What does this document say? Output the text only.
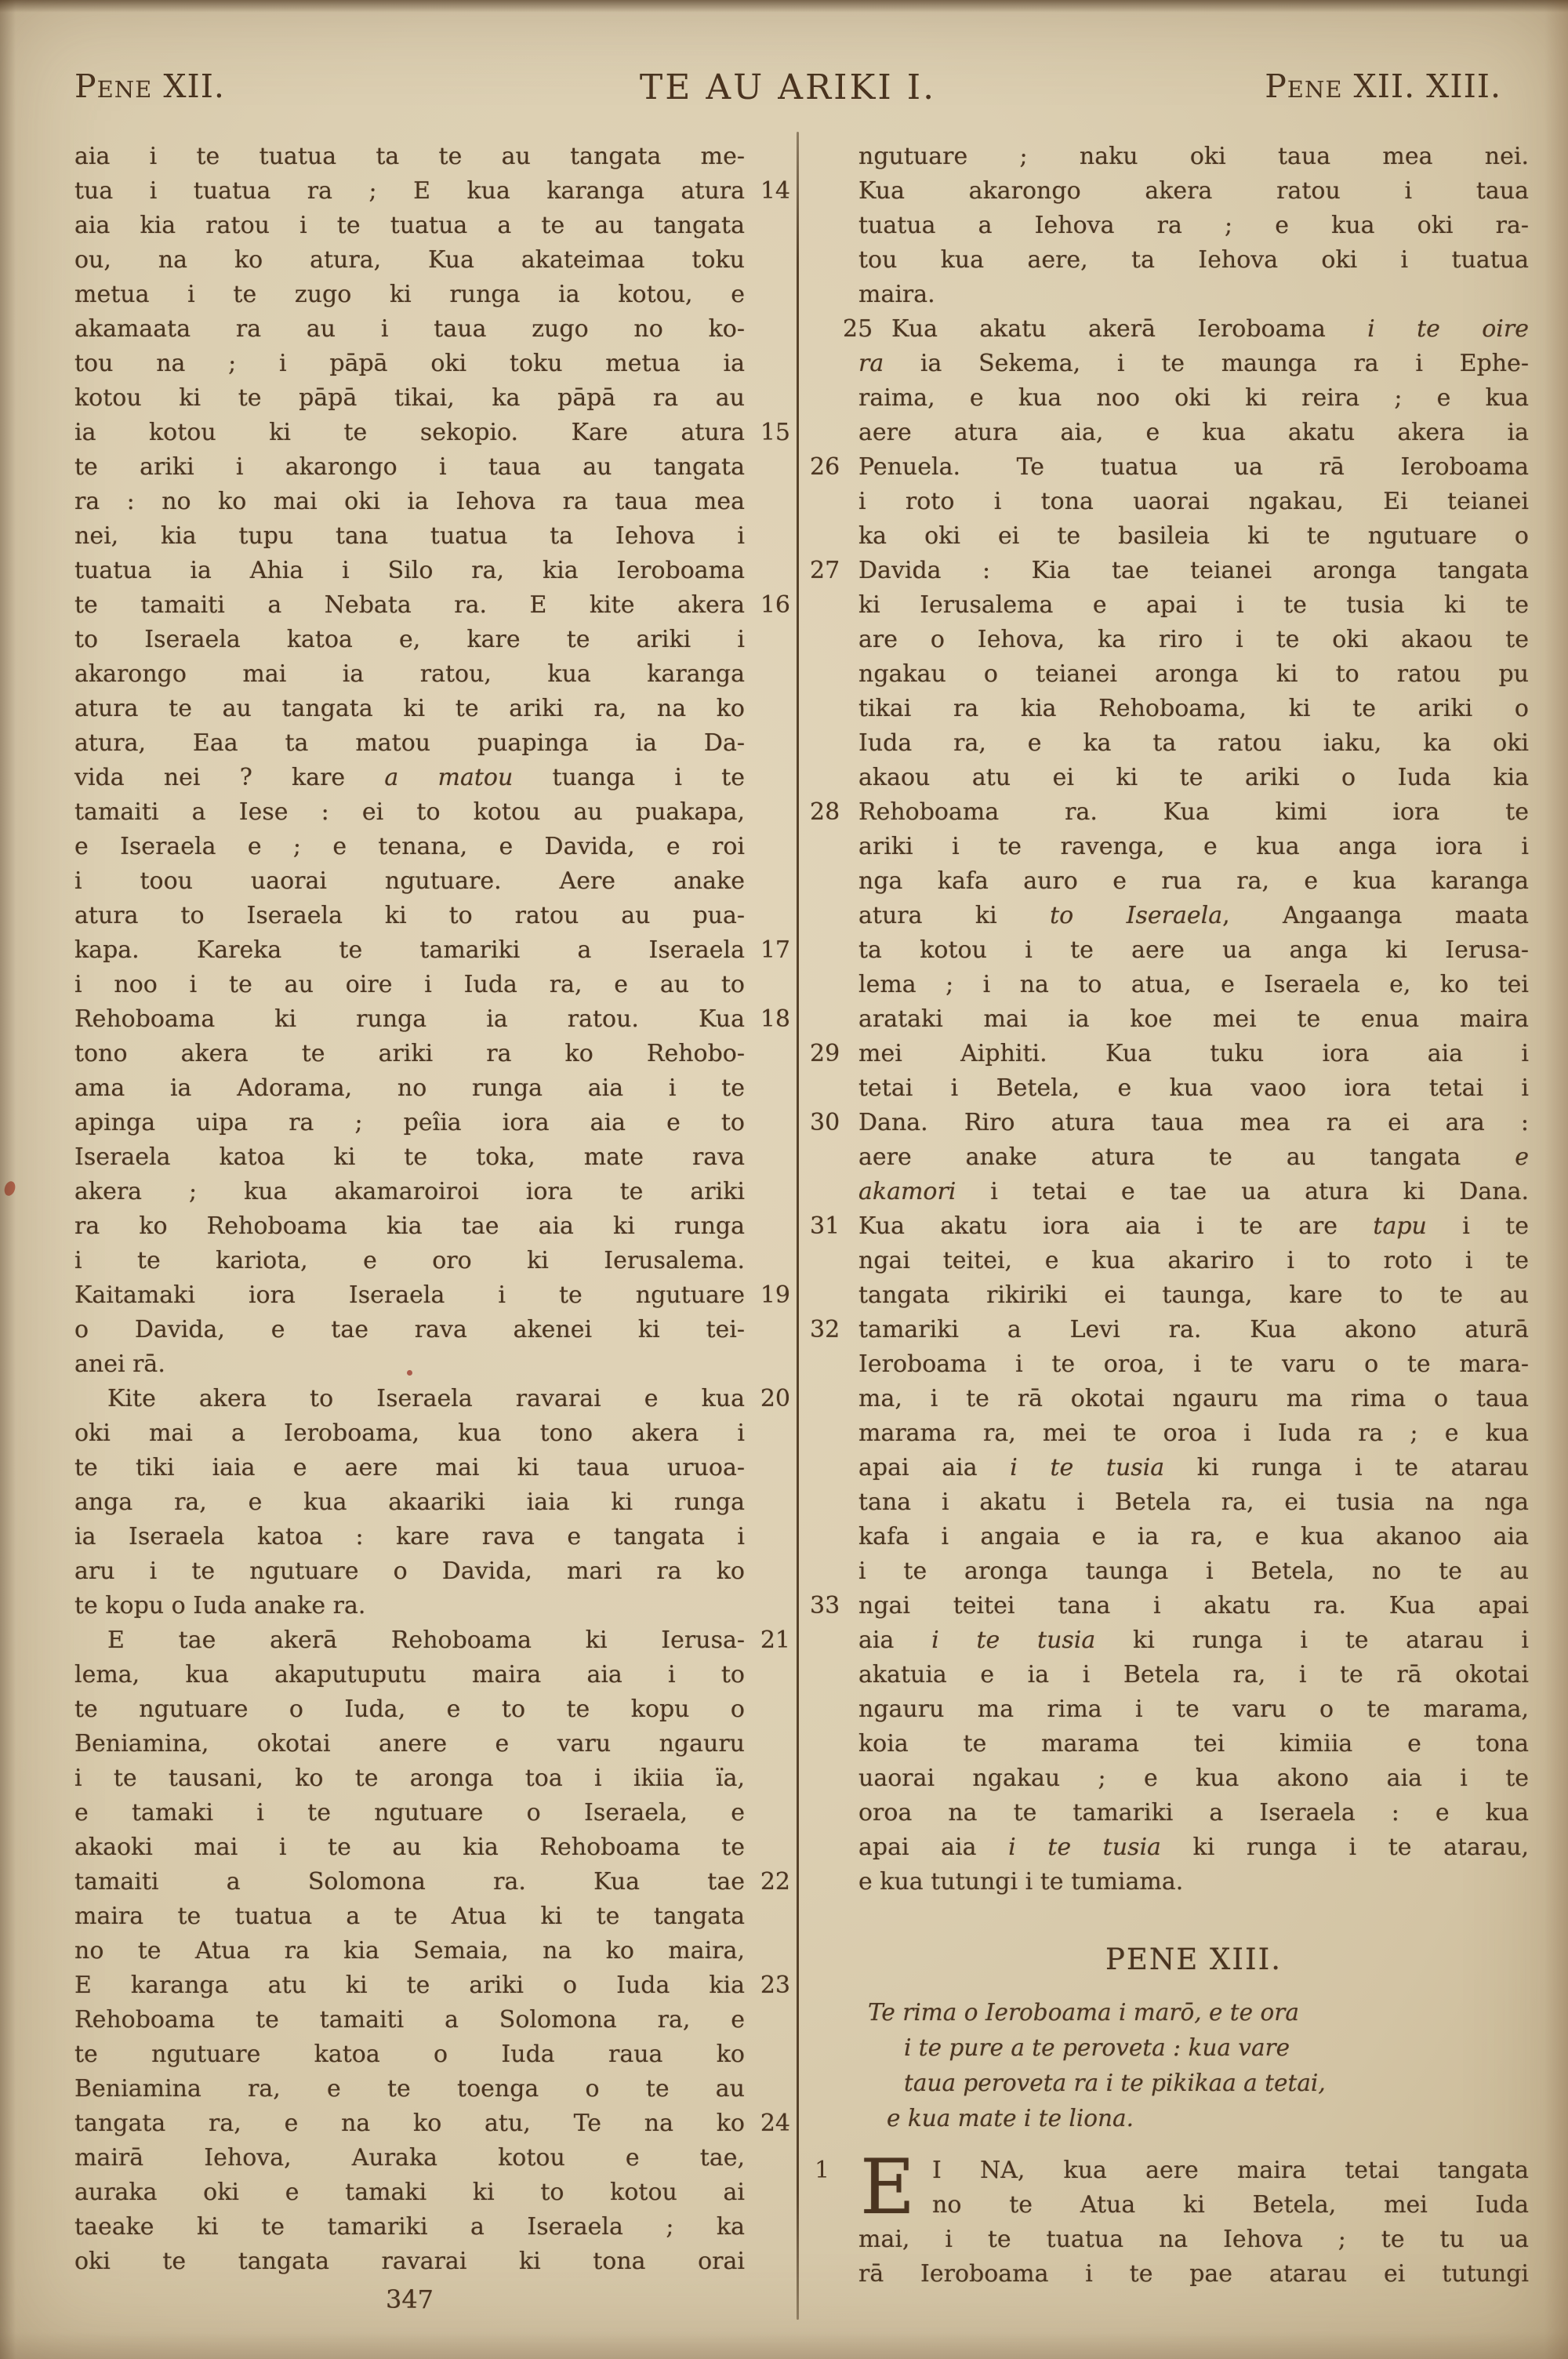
Pene XII.	TE AU ARIKI I.	Pene XII. XIII.
aia i te tuatua ta te au tangata me-
tua i tuatua ra ; E kua karanga atura 14
aia kia ratou i te tuatua a te au tangata
ou, na ko atura, Kua akateimaa toku
metua i te zugo ki runga ia kotou, e
akamaata ra au i taua zugo no ko-
tou na ; i pāpā oki toku metua ia
kotou ki te pāpā tikai, ka pāpā ra au
ia kotou ki te sekopio. Kare atura 15
te ariki i akarongo i taua au tangata
ra : no ko mai oki ia Iehova ra taua mea
nei, kia tupu tana tuatua ta Iehova i
tuatua ia Ahia i Silo ra, kia Ieroboama
te tamaiti a Nebata ra. E kite akera 16
to Iseraela katoa e, kare te ariki i
akarongo mai ia ratou, kua karanga
atura te au tangata ki te ariki ra, na ko
atura, Eaa ta matou puapinga ia Da-
vida nei ? kare a matou tuanga i te
tamaiti a Iese : ei to kotou au puakapa,
e Iseraela e ; e tenana, e Davida, e roi
i toou uaorai ngutuare. Aere anake
atura to Iseraela ki to ratou au pua-
kapa. Kareka te tamariki a Iseraela 17
i noo i te au oire i Iuda ra, e au to
Rehoboama ki runga ia ratou. Kua 18
tono akera te ariki ra ko Rehobo-
ama ia Adorama, no runga aia i te
apinga uipa ra ; peîia iora aia e to
Iseraela katoa ki te toka, mate rava
akera ; kua akamaroiroi iora te ariki
ra ko Rehoboama kia tae aia ki runga
i te kariota, e oro ki Ierusalema.
Kaitamaki iora Iseraela i te ngutuare 19
o Davida, e tae rava akenei ki tei-
anei rā.
Kite akera to Iseraela ravarai e kua 20
oki mai a Ieroboama, kua tono akera i
te tiki iaia e aere mai ki taua uruoa-
anga ra, e kua akaariki iaia ki runga
ia Iseraela katoa : kare rava e tangata i
aru i te ngutuare o Davida, mari ra ko
te kopu o Iuda anake ra.
E tae akerā Rehoboama ki Ierusa- 21
lema, kua akaputuputu maira aia i to
te ngutuare o Iuda, e to te kopu o
Beniamina, okotai anere e varu ngauru
i te tausani, ko te aronga toa i ikiia ïa,
e tamaki i te ngutuare o Iseraela, e
akaoki mai i te au kia Rehoboama te
tamaiti a Solomona ra. Kua tae 22
maira te tuatua a te Atua ki te tangata
no te Atua ra kia Semaia, na ko maira,
E karanga atu ki te ariki o Iuda kia 23
Rehoboama te tamaiti a Solomona ra, e
te ngutuare katoa o Iuda raua ko
Beniamina ra, e te toenga o te au
tangata ra, e na ko atu, Te na ko 24
mairā Iehova, Auraka kotou e tae,
auraka oki e tamaki ki to kotou ai
taeake ki te tamariki a Iseraela ; ka
oki te tangata ravarai ki tona orai
347
ngutuare ; naku oki taua mea nei.
Kua akarongo akera ratou i taua
tuatua a Iehova ra ; e kua oki ra-
tou kua aere, ta Iehova oki i tuatua
maira.
Kua akatu akerā Ieroboama i te oire
25
ra ia Sekema, i te maunga ra i Ephe-
raima, e kua noo oki ki reira ; e kua
aere atura aia, e kua akatu akera ia
Penuela. Te tuatua ua rā Ieroboama
26
i roto i tona uaorai ngakau, Ei teianei
ka oki ei te basileia ki te ngutuare o
Davida : Kia tae teianei aronga tangata
27
ki Ierusalema e apai i te tusia ki te
are o Iehova, ka riro i te oki akaou te
ngakau o teianei aronga ki to ratou pu
tikai ra kia Rehoboama, ki te ariki o
Iuda ra, e ka ta ratou iaku, ka oki
akaou atu ei ki te ariki o Iuda kia
Rehoboama ra. Kua kimi iora te
28
ariki i te ravenga, e kua anga iora i
nga kafa auro e rua ra, e kua karanga
atura ki to Iseraela, Angaanga maata
ta kotou i te aere ua anga ki Ierusa-
lema ; i na to atua, e Iseraela e, ko tei
arataki mai ia koe mei te enua maira
mei Aiphiti. Kua tuku iora aia i
29
tetai i Betela, e kua vaoo iora tetai i
Dana. Riro atura taua mea ra ei ara :
30
aere anake atura te au tangata e
akamori i tetai e tae ua atura ki Dana.
Kua akatu iora aia i te are tapu i te
31
ngai teitei, e kua akariro i to roto i te
tangata rikiriki ei taunga, kare to te au
tamariki a Levi ra. Kua akono aturā
32
Ieroboama i te oroa, i te varu o te mara-
ma, i te rā okotai ngauru ma rima o taua
marama ra, mei te oroa i Iuda ra ; e kua
apai aia i te tusia ki runga i te atarau
tana i akatu i Betela ra, ei tusia na nga
kafa i angaia e ia ra, e kua akanoo aia
i te aronga taunga i Betela, no te au
ngai teitei tana i akatu ra. Kua apai
33
aia i te tusia ki runga i te atarau i
akatuia e ia i Betela ra, i te rā okotai
ngauru ma rima i te varu o te marama,
koia te marama tei kimiia e tona
uaorai ngakau ; e kua akono aia i te
oroa na te tamariki a Iseraela : e kua
apai aia i te tusia ki runga i te atarau,
e kua tutungi i te tumiama.
PENE XIII.
Te rima o Ieroboama i marō, e te ora
i te pure a te peroveta : kua vare
taua peroveta ra i te pikikaa a tetai,
e kua mate i te liona.
1 E I NA, kua aere maira tetai tangata
no te Atua ki Betela, mei Iuda
mai, i te tuatua na Iehova ; te tu ua
rā Ieroboama i te pae atarau ei tutungi
